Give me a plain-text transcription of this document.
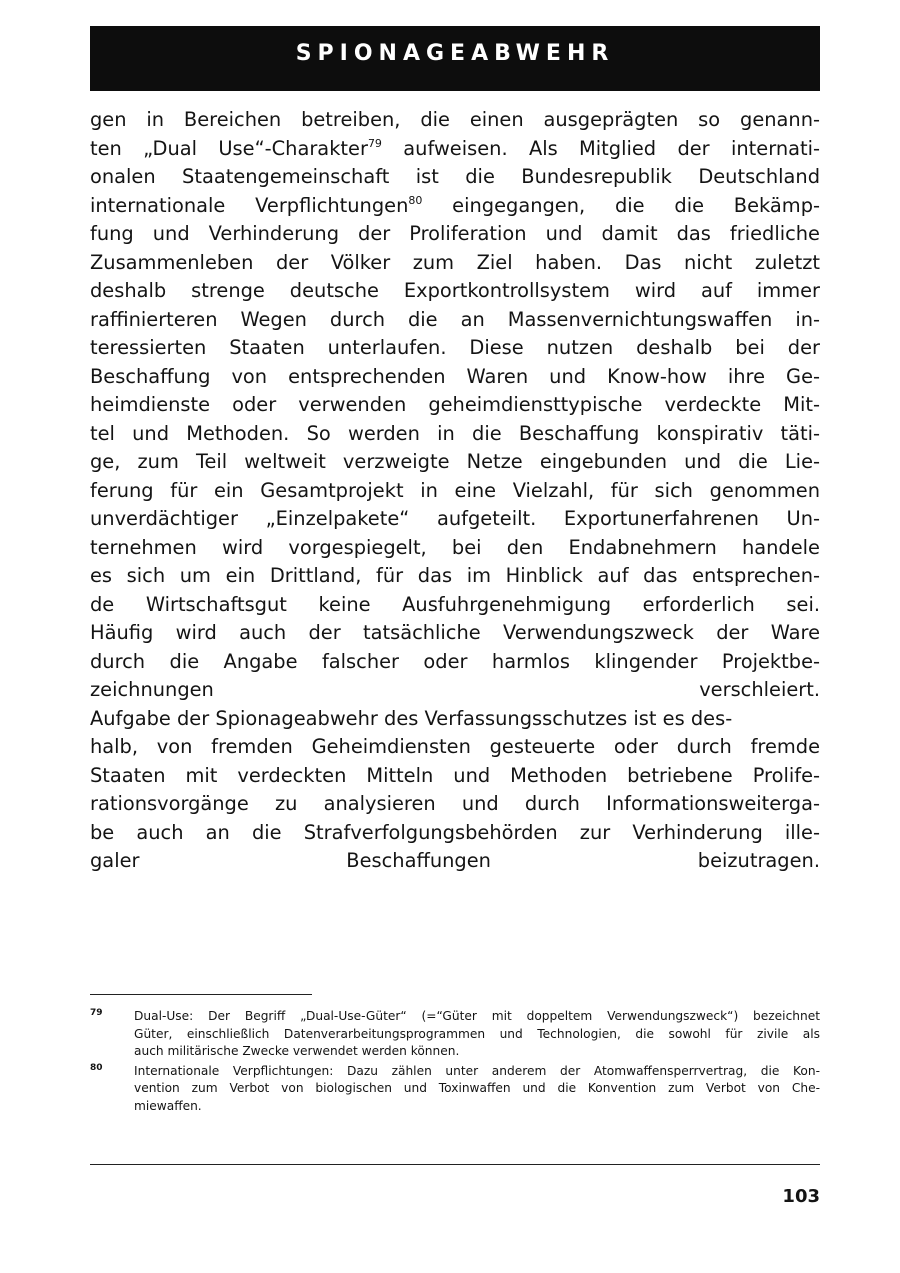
SPIONAGEABWEHR
gen in Bereichen betreiben, die einen ausgeprägten so genann-
ten „Dual Use“-Charakter$^{79}$ aufweisen. Als Mitglied der internati-
onalen Staatengemeinschaft ist die Bundesrepublik Deutschland
internationale Verpflichtungen$^{80}$ eingegangen, die die Bekämp-
fung und Verhinderung der Proliferation und damit das friedliche
Zusammenleben der Völker zum Ziel haben. Das nicht zuletzt
deshalb strenge deutsche Exportkontrollsystem wird auf immer
raffinierteren Wegen durch die an Massenvernichtungswaffen in-
teressierten Staaten unterlaufen. Diese nutzen deshalb bei der
Beschaffung von entsprechenden Waren und Know-how ihre Ge-
heimdienste oder verwenden geheimdiensttypische verdeckte Mit-
tel und Methoden. So werden in die Beschaffung konspirativ täti-
ge, zum Teil weltweit verzweigte Netze eingebunden und die Lie-
ferung für ein Gesamtprojekt in eine Vielzahl, für sich genommen
unverdächtiger „Einzelpakete“ aufgeteilt. Exportunerfahrenen Un-
ternehmen wird vorgespiegelt, bei den Endabnehmern handele
es sich um ein Drittland, für das im Hinblick auf das entsprechen-
de Wirtschaftsgut keine Ausfuhrgenehmigung erforderlich sei.
Häufig wird auch der tatsächliche Verwendungszweck der Ware
durch die Angabe falscher oder harmlos klingender Projektbe-
zeichnungen verschleiert.
Aufgabe der Spionageabwehr des Verfassungsschutzes ist es des-
halb, von fremden Geheimdiensten gesteuerte oder durch fremde
Staaten mit verdeckten Mitteln und Methoden betriebene Prolife-
rationsvorgänge zu analysieren und durch Informationsweiterga-
be auch an die Strafverfolgungsbehörden zur Verhinderung ille-
galer Beschaffungen beizutragen.
79	Dual-Use: Der Begriff „Dual-Use-Güter“ (=“Güter mit doppeltem Verwendungszweck“) bezeichnet
Güter, einschließlich Datenverarbeitungsprogrammen und Technologien, die sowohl für zivile als
auch militärische Zwecke verwendet werden können.
80	Internationale Verpflichtungen: Dazu zählen unter anderem der Atomwaffensperrvertrag, die Kon-
vention zum Verbot von biologischen und Toxinwaffen und die Konvention zum Verbot von Che-
miewaffen.
103
